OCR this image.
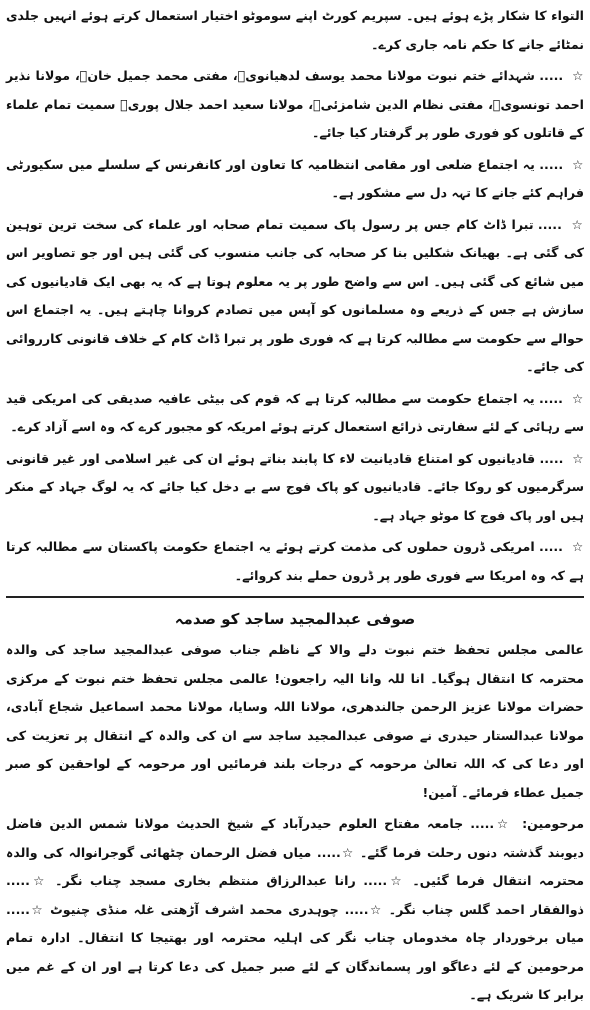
التواء کا شکار پڑے ہوئے ہیں۔ سپریم کورٹ اپنے سوموٹو اختیار استعمال کرتے ہوئے انہیں جلدی نمٹائے جانے کا حکم نامہ جاری کرے۔

☆ ..... شہدائے ختم نبوت مولانا محمد یوسف لدھیانویؒ، مفتی محمد جمیل خانؒ، مولانا نذیر احمد تونسویؒ، مفتی نظام الدین شامزئیؒ، مولانا سعید احمد جلال پوریؒ سمیت تمام علماء کے قاتلوں کو فوری طور پر گرفتار کیا جائے۔

☆ ..... یہ اجتماع ضلعی اور مقامی انتظامیہ کا تعاون اور کانفرنس کے سلسلے میں سکیورٹی فراہم کئے جانے کا تہہ دل سے مشکور ہے۔

☆ ..... تبرا ڈاٹ کام جس پر رسول پاک سمیت تمام صحابہ اور علماء کی سخت ترین توہین کی گئی ہے۔ بھیانک شکلیں بنا کر صحابہ کی جانب منسوب کی گئی ہیں اور جو تصاویر اس میں شائع کی گئی ہیں۔ اس سے واضح طور پر یہ معلوم ہوتا ہے کہ یہ بھی ایک قادیانیوں کی سازش ہے جس کے ذریعے وہ مسلمانوں کو آپس میں تصادم کروانا چاہتے ہیں۔ یہ اجتماع اس حوالے سے حکومت سے مطالبہ کرتا ہے کہ فوری طور پر تبرا ڈاٹ کام کے خلاف قانونی کارروائی کی جائے۔

☆ ..... یہ اجتماع حکومت سے مطالبہ کرتا ہے کہ قوم کی بیٹی عافیہ صدیقی کی امریکی قید سے رہائی کے لئے سفارتی ذرائع استعمال کرتے ہوئے امریکہ کو مجبور کرے کہ وہ اسے آزاد کرے۔

☆ ..... قادیانیوں کو امتناع قادیانیت لاء کا پابند بناتے ہوئے ان کی غیر اسلامی اور غیر قانونی سرگرمیوں کو روکا جائے۔ قادیانیوں کو پاک فوج سے بے دخل کیا جائے کہ یہ لوگ جہاد کے منکر ہیں اور پاک فوج کا موٹو جہاد ہے۔

☆ ..... امریکی ڈرون حملوں کی مذمت کرتے ہوئے یہ اجتماع حکومت پاکستان سے مطالبہ کرتا ہے کہ وہ امریکا سے فوری طور پر ڈرون حملے بند کروائے۔

صوفی عبدالمجید ساجد کو صدمہ

عالمی مجلس تحفظ ختم نبوت دلے والا کے ناظم جناب صوفی عبدالمجید ساجد کی والدہ محترمہ کا انتقال ہوگیا۔ انا للہ وانا الیہ راجعون! عالمی مجلس تحفظ ختم نبوت کے مرکزی حضرات مولانا عزیز الرحمن جالندھری، مولانا اللہ وسایا، مولانا محمد اسماعیل شجاع آبادی، مولانا عبدالستار حیدری نے صوفی عبدالمجید ساجد سے ان کی والدہ کے انتقال پر تعزیت کی اور دعا کی کہ اللہ تعالیٰ مرحومہ کے درجات بلند فرمائیں اور مرحومہ کے لواحقین کو صبر جمیل عطاء فرمائے۔ آمین!

مرحومین: ☆..... جامعہ مفتاح العلوم حیدرآباد کے شیخ الحدیث مولانا شمس الدین فاضل دیوبند گذشتہ دنوں رحلت فرما گئے۔ ☆..... میاں فضل الرحمان چٹھائی گوجرانوالہ کی والدہ محترمہ انتقال فرما گئیں۔ ☆..... رانا عبدالرزاق منتظم بخاری مسجد چناب نگر۔ ☆..... ذوالفقار احمد گلس چناب نگر۔ ☆..... چوہدری محمد اشرف آڑھتی غلہ منڈی چنیوٹ ☆..... میاں برخوردار چاہ مخدوماں چناب نگر کی اہلیہ محترمہ اور بھتیجا کا انتقال۔ ادارہ تمام مرحومین کے لئے دعاگو اور پسماندگان کے لئے صبر جمیل کی دعا کرتا ہے اور ان کے غم میں برابر کا شریک ہے۔
